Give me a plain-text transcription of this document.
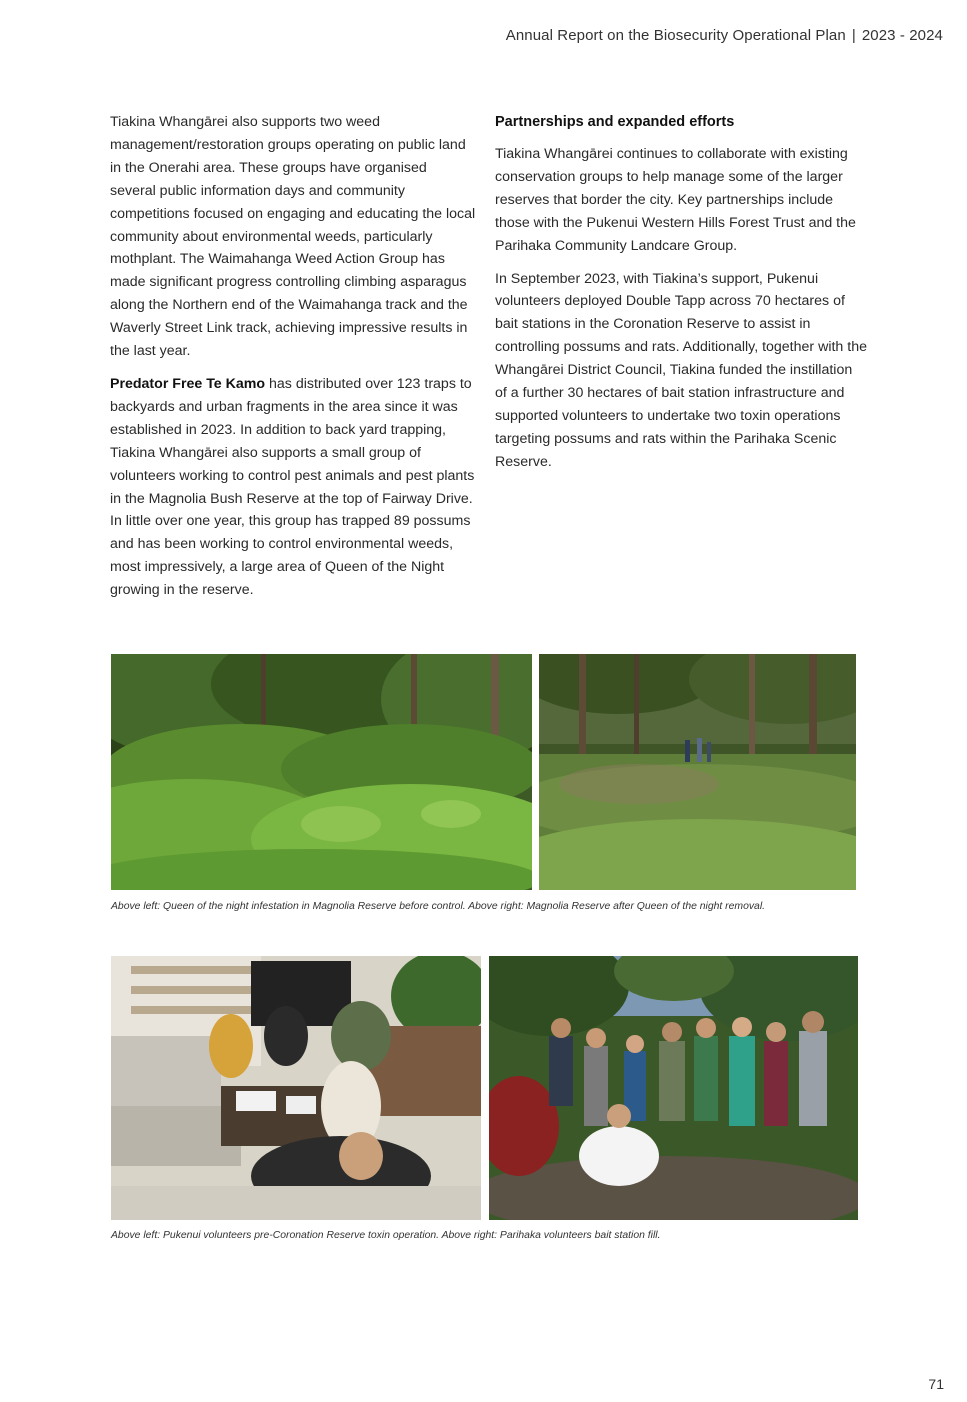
Annual Report on the Biosecurity Operational Plan | 2023 - 2024

Tiakina Whangārei also supports two weed management/restoration groups operating on public land in the Onerahi area. These groups have organised several public information days and community competitions focused on engaging and educating the local community about environmental weeds, particularly mothplant. The Waimahanga Weed Action Group has made significant progress controlling climbing asparagus along the Northern end of the Waimahanga track and the Waverly Street Link track, achieving impressive results in the last year.

Predator Free Te Kamo has distributed over 123 traps to backyards and urban fragments in the area since it was established in 2023. In addition to back yard trapping, Tiakina Whangārei also supports a small group of volunteers working to control pest animals and pest plants in the Magnolia Bush Reserve at the top of Fairway Drive. In little over one year, this group has trapped 89 possums and has been working to control environmental weeds, most impressively, a large area of Queen of the Night growing in the reserve.

Partnerships and expanded efforts

Tiakina Whangārei continues to collaborate with existing conservation groups to help manage some of the larger reserves that border the city. Key partnerships include those with the Pukenui Western Hills Forest Trust and the Parihaka Community Landcare Group.

In September 2023, with Tiakina’s support, Pukenui volunteers deployed Double Tapp across 70 hectares of bait stations in the Coronation Reserve to assist in controlling possums and rats. Additionally, together with the Whangārei District Council, Tiakina funded the instillation of a further 30 hectares of bait station infrastructure and supported volunteers to undertake two toxin operations targeting possums and rats within the Parihaka Scenic Reserve.

Above left: Queen of the night infestation in Magnolia Reserve before control. Above right: Magnolia Reserve after Queen of the night removal.
Above left: Pukenui volunteers pre-Coronation Reserve toxin operation. Above right: Parihaka volunteers bait station fill.
71
